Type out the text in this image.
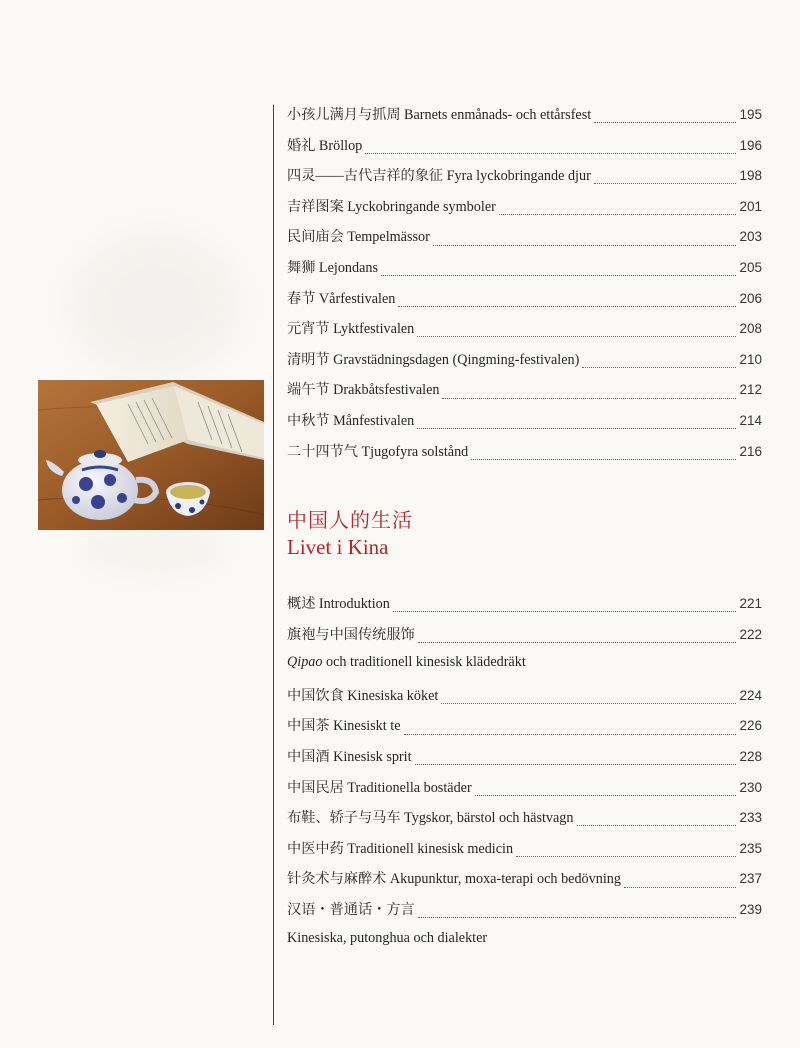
小孩儿满月与抓周 Barnets enmånads- och ettårsfest	195
婚礼 Bröllop	196
四灵——古代吉祥的象征 Fyra lyckobringande djur	198
吉祥图案 Lyckobringande symboler	201
民间庙会 Tempelmässor	203
舞狮 Lejondans	205
春节 Vårfestivalen	206
元宵节 Lyktfestivalen	208
清明节 Gravstädningsdagen (Qingming-festivalen)	210
端午节 Drakbåtsfestivalen	212
中秋节 Månfestivalen	214
二十四节气 Tjugofyra solstånd	216
中国人的生活
Livet i Kina
概述 Introduktion	221
旗袍与中国传统服饰	222
Qipao och traditionell kinesisk klädedräkt
中国饮食 Kinesiska köket	224
中国茶 Kinesiskt te	226
中国酒 Kinesisk sprit	228
中国民居 Traditionella bostäder	230
布鞋、轿子与马车 Tygskor, bärstol och hästvagn	233
中医中药 Traditionell kinesisk medicin	235
针灸术与麻醉术 Akupunktur, moxa-terapi och bedövning	237
汉语・普通话・方言	239
Kinesiska, putonghua och dialekter
